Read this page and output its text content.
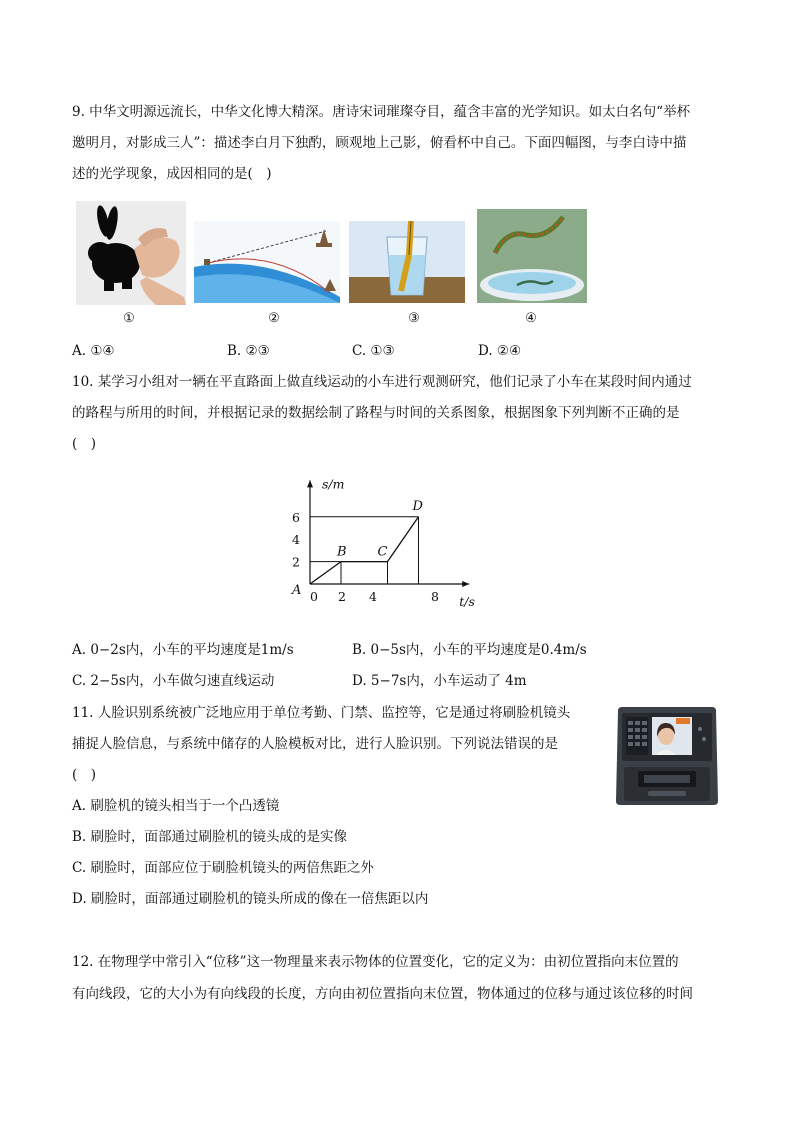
9. 中华文明源远流长，中华文化博大精深。唐诗宋词璀璨夺目，蕴含丰富的光学知识。如太白名句“举杯
邀明月，对影成三人”：描述李白月下独酌，顾观地上己影，俯看杯中自己。下面四幅图，与李白诗中描
述的光学现象，成因相同的是(　)
①	②	③	④
A. ①④	B. ②③	C. ①③	D. ②④
10. 某学习小组对一辆在平直路面上做直线运动的小车进行观测研究，他们记录了小车在某段时间内通过
的路程与所用的时间，并根据记录的数据绘制了路程与时间的关系图象，根据图象下列判断不正确的是
(　)
A
B C
D
0 2 4	8
2
4
6
s/m
t/s
A. 0−2s内，小车的平均速度是1m/s	B. 0−5s内，小车的平均速度是0.4m/s
C. 2−5s内，小车做匀速直线运动	D. 5−7s内，小车运动了 4m
11. 人脸识别系统被广泛地应用于单位考勤、门禁、监控等，它是通过将刷脸机镜头
捕捉人脸信息，与系统中储存的人脸模板对比，进行人脸识别。下列说法错误的是
(　)
A. 刷脸机的镜头相当于一个凸透镜
B. 刷脸时，面部通过刷脸机的镜头成的是实像
C. 刷脸时，面部应位于刷脸机镜头的两倍焦距之外
D. 刷脸时，面部通过刷脸机的镜头所成的像在一倍焦距以内
12. 在物理学中常引入“位移”这一物理量来表示物体的位置变化，它的定义为：由初位置指向末位置的
有向线段，它的大小为有向线段的长度，方向由初位置指向末位置，物体通过的位移与通过该位移的时间
